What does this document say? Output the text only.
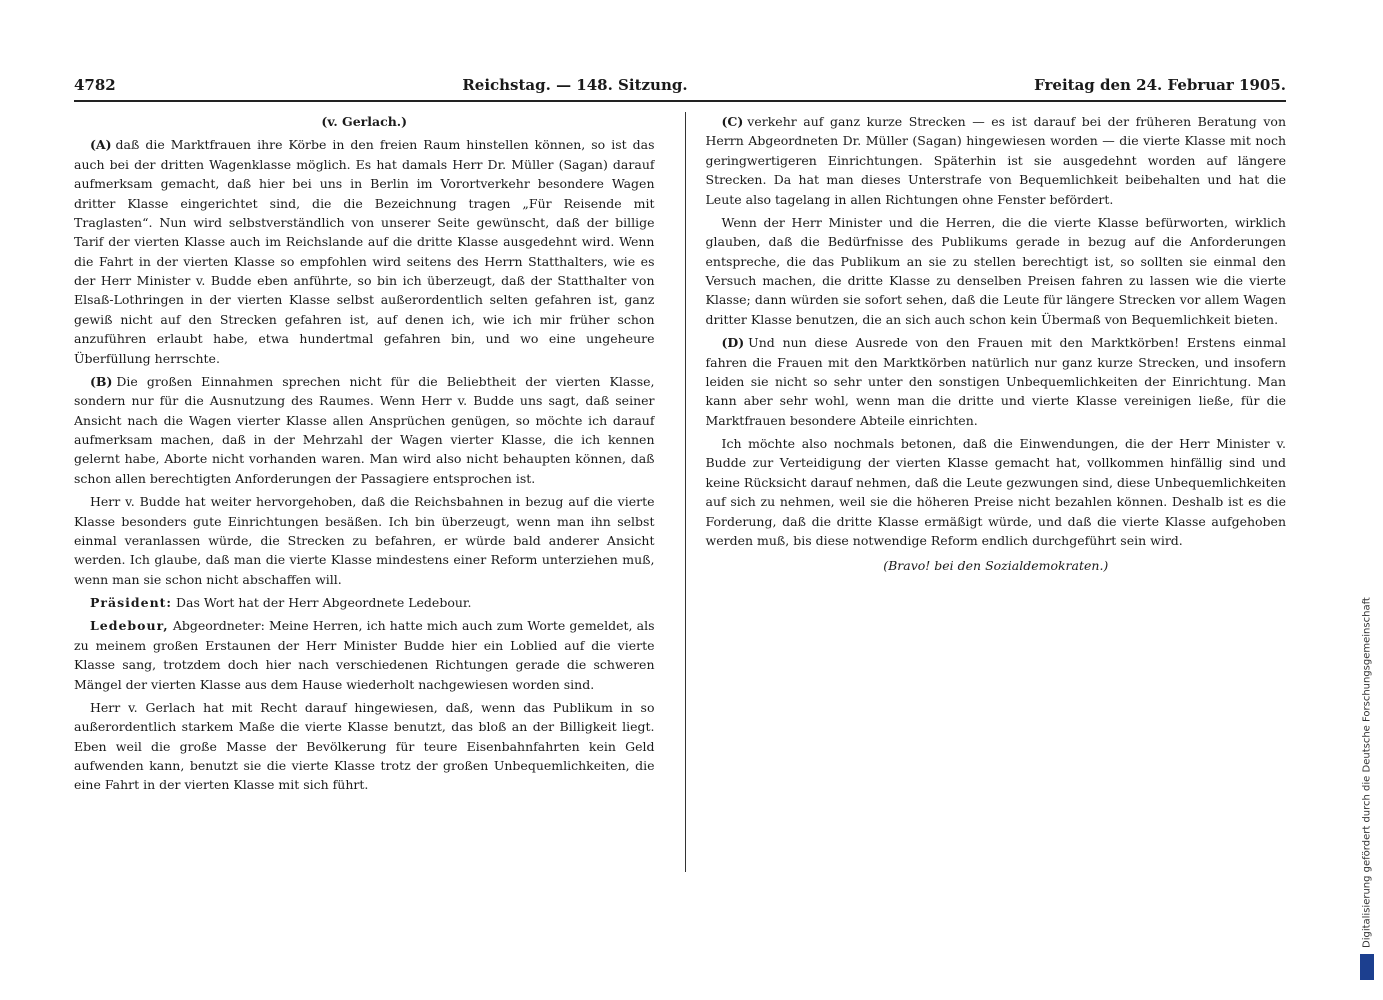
4782	Reichstag. — 148. Sitzung.	Freitag den 24. Februar 1905.

(v. Gerlach.)

(A) daß die Marktfrauen ihre Körbe in den freien Raum hinstellen können, so ist das auch bei der dritten Wagenklasse möglich. Es hat damals Herr Dr. Müller (Sagan) darauf aufmerksam gemacht, daß hier bei uns in Berlin im Vorortverkehr besondere Wagen dritter Klasse eingerichtet sind, die die Bezeichnung tragen „Für Reisende mit Traglasten“. Nun wird selbstverständlich von unserer Seite gewünscht, daß der billige Tarif der vierten Klasse auch im Reichslande auf die dritte Klasse ausgedehnt wird. Wenn die Fahrt in der vierten Klasse so empfohlen wird seitens des Herrn Statthalters, wie es der Herr Minister v. Budde eben anführte, so bin ich überzeugt, daß der Statthalter von Elsaß-Lothringen in der vierten Klasse selbst außerordentlich selten gefahren ist, ganz gewiß nicht auf den Strecken gefahren ist, auf denen ich, wie ich mir früher schon anzuführen erlaubt habe, etwa hundertmal gefahren bin, und wo eine ungeheure Überfüllung herrschte.

(B) Die großen Einnahmen sprechen nicht für die Beliebtheit der vierten Klasse, sondern nur für die Ausnutzung des Raumes. Wenn Herr v. Budde uns sagt, daß seiner Ansicht nach die Wagen vierter Klasse allen Ansprüchen genügen, so möchte ich darauf aufmerksam machen, daß in der Mehrzahl der Wagen vierter Klasse, die ich kennen gelernt habe, Aborte nicht vorhanden waren. Man wird also nicht behaupten können, daß schon allen berechtigten Anforderungen der Passagiere entsprochen ist.

Herr v. Budde hat weiter hervorgehoben, daß die Reichsbahnen in bezug auf die vierte Klasse besonders gute Einrichtungen besäßen. Ich bin überzeugt, wenn man ihn selbst einmal veranlassen würde, die Strecken zu befahren, er würde bald anderer Ansicht werden. Ich glaube, daß man die vierte Klasse mindestens einer Reform unterziehen muß, wenn man sie schon nicht abschaffen will.

Präsident: Das Wort hat der Herr Abgeordnete Ledebour.

Ledebour, Abgeordneter: Meine Herren, ich hatte mich auch zum Worte gemeldet, als zu meinem großen Erstaunen der Herr Minister Budde hier ein Loblied auf die vierte Klasse sang, trotzdem doch hier nach verschiedenen Richtungen gerade die schweren Mängel der vierten Klasse aus dem Hause wiederholt nachgewiesen worden sind.

Herr v. Gerlach hat mit Recht darauf hingewiesen, daß, wenn das Publikum in so außerordentlich starkem Maße die vierte Klasse benutzt, das bloß an der Billigkeit liegt. Eben weil die große Masse der Bevölkerung für teure Eisenbahnfahrten kein Geld aufwenden kann, benutzt sie die vierte Klasse trotz der großen Unbequemlichkeiten, die eine Fahrt in der vierten Klasse mit sich führt.

(C) verkehr auf ganz kurze Strecken — es ist darauf bei der früheren Beratung von Herrn Abgeordneten Dr. Müller (Sagan) hingewiesen worden — die vierte Klasse mit noch geringwertigeren Einrichtungen. Späterhin ist sie ausgedehnt worden auf längere Strecken. Da hat man dieses Unterstrafe von Bequemlichkeit beibehalten und hat die Leute also tagelang in allen Richtungen ohne Fenster befördert.

Wenn der Herr Minister und die Herren, die die vierte Klasse befürworten, wirklich glauben, daß die Bedürfnisse des Publikums gerade in bezug auf die Anforderungen entspreche, die das Publikum an sie zu stellen berechtigt ist, so sollten sie einmal den Versuch machen, die dritte Klasse zu denselben Preisen fahren zu lassen wie die vierte Klasse; dann würden sie sofort sehen, daß die Leute für längere Strecken vor allem Wagen dritter Klasse benutzen, die an sich auch schon kein Übermaß von Bequemlichkeit bieten.

(D) Und nun diese Ausrede von den Frauen mit den Marktkörben! Erstens einmal fahren die Frauen mit den Marktkörben natürlich nur ganz kurze Strecken, und insofern leiden sie nicht so sehr unter den sonstigen Unbequemlichkeiten der Einrichtung. Man kann aber sehr wohl, wenn man die dritte und vierte Klasse vereinigen ließe, für die Marktfrauen besondere Abteile einrichten.

Ich möchte also nochmals betonen, daß die Einwendungen, die der Herr Minister v. Budde zur Verteidigung der vierten Klasse gemacht hat, vollkommen hinfällig sind und keine Rücksicht darauf nehmen, daß die Leute gezwungen sind, diese Unbequemlichkeiten auf sich zu nehmen, weil sie die höheren Preise nicht bezahlen können. Deshalb ist es die Forderung, daß die dritte Klasse ermäßigt würde, und daß die vierte Klasse aufgehoben werden muß, bis diese notwendige Reform endlich durchgeführt sein wird.

(Bravo! bei den Sozialdemokraten.)
Digitalisierung gefördert durch die Deutsche Forschungsgemeinschaft
